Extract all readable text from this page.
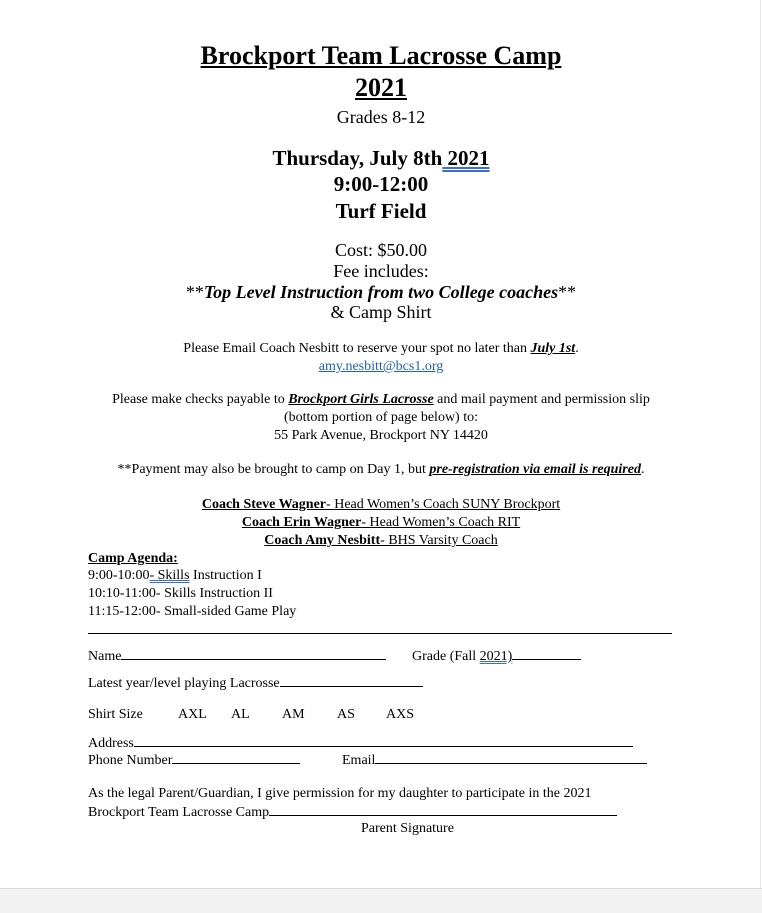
Brockport Team Lacrosse Camp
2021
Grades 8-12
Thursday, July 8th 2021
9:00-12:00
Turf Field
Cost: $50.00
Fee includes:
**Top Level Instruction from two College coaches**
& Camp Shirt
Please Email Coach Nesbitt to reserve your spot no later than July 1st.
amy.nesbitt@bcs1.org
Please make checks payable to Brockport Girls Lacrosse and mail payment and permission slip
(bottom portion of page below) to:
55 Park Avenue, Brockport NY 14420
**Payment may also be brought to camp on Day 1, but pre-registration via email is required.
Coach Steve Wagner- Head Women’s Coach SUNY Brockport
Coach Erin Wagner- Head Women’s Coach RIT
Coach Amy Nesbitt- BHS Varsity Coach
Camp Agenda:
9:00-10:00- Skills Instruction I
10:10-11:00- Skills Instruction II
11:15-12:00- Small-sided Game Play
Name	Grade (Fall 2021)
Latest year/level playing Lacrosse
Shirt Size	AXL AL AM AS AXS
Address
Phone Number	Email
As the legal Parent/Guardian, I give permission for my daughter to participate in the 2021
Brockport Team Lacrosse Camp
Parent Signature
